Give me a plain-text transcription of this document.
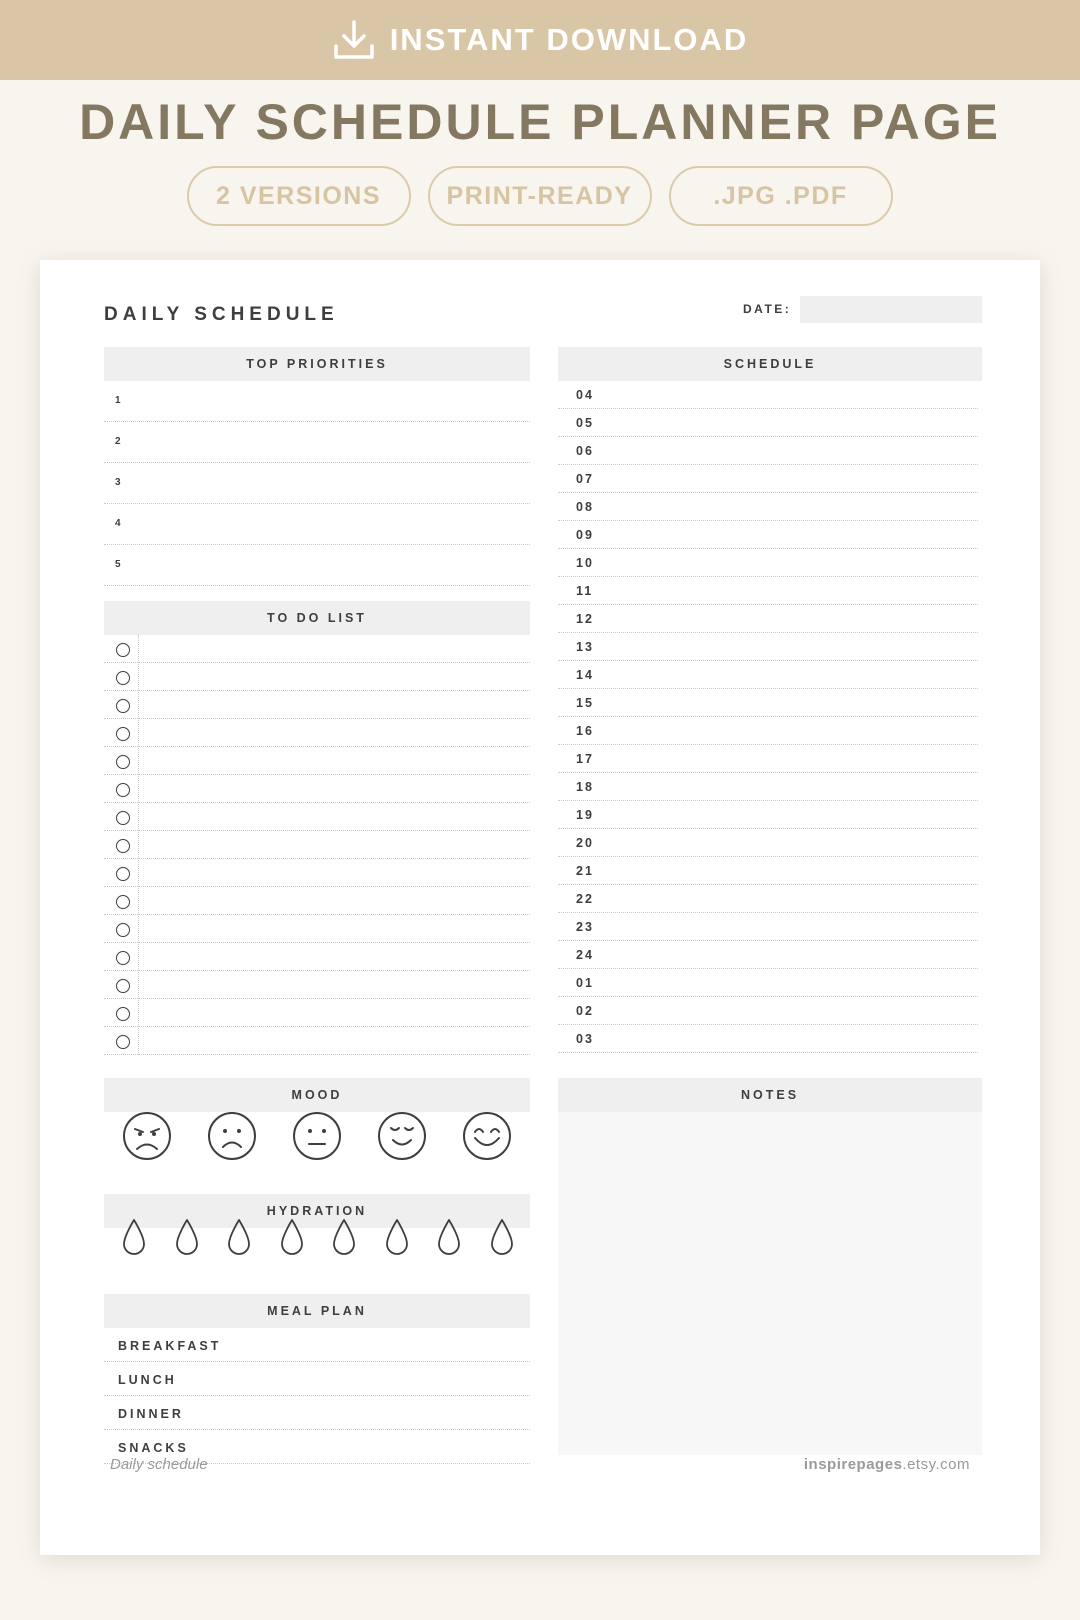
INSTANT DOWNLOAD
DAILY SCHEDULE PLANNER PAGE
2 VERSIONS	PRINT-READY	.JPG .PDF
DAILY SCHEDULE	DATE:
TOP PRIORITIES
1
2
3
4
5
TO DO LIST
SCHEDULE
04
05
06
07
08
09
10
11
12
13
14
15
16
17
18
19
20
21
22
23
24
01
02
03
MOOD
HYDRATION
MEAL PLAN
BREAKFAST
LUNCH
DINNER
SNACKS
NOTES
Daily schedule	inspirepages.etsy.com
